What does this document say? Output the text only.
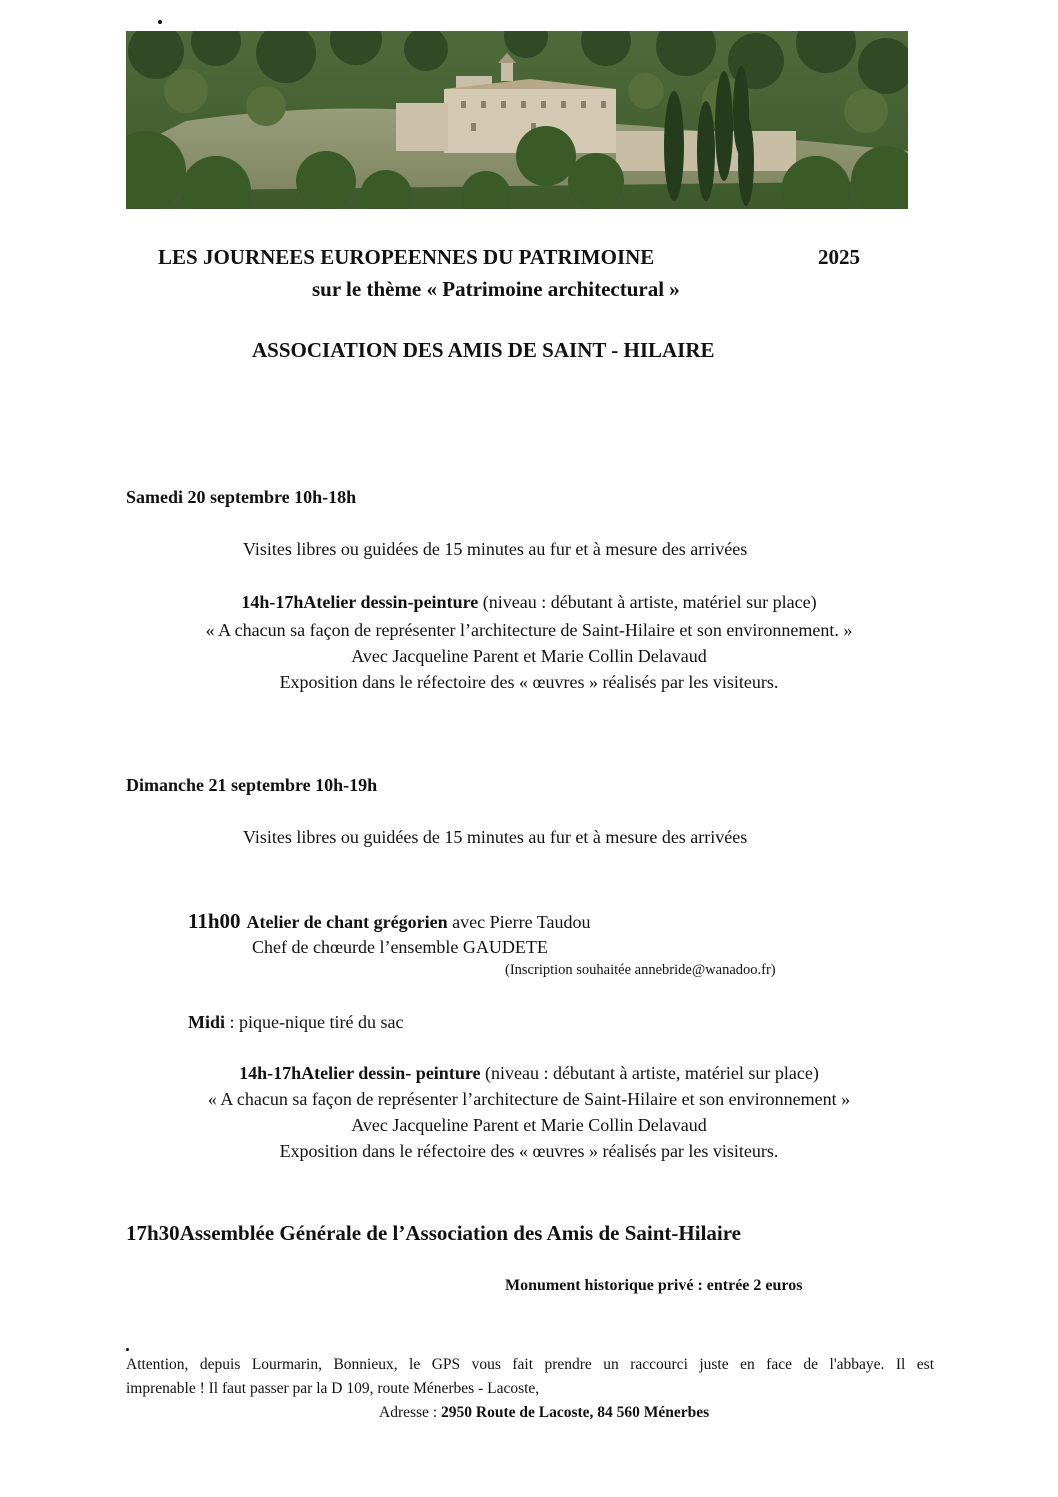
LES JOURNEES EUROPEENNES DU PATRIMOINE	2025
sur le thème « Patrimoine architectural »
ASSOCIATION DES AMIS DE SAINT - HILAIRE
Samedi 20 septembre 10h-18h
Visites libres ou guidées de 15 minutes au fur et à mesure des arrivées
14h-17hAtelier dessin-peinture (niveau : débutant à artiste, matériel sur place)
« A chacun sa façon de représenter l’architecture de Saint-Hilaire et son environnement. »
Avec Jacqueline Parent et Marie Collin Delavaud
Exposition dans le réfectoire des « œuvres » réalisés par les visiteurs.
Dimanche 21 septembre 10h-19h
Visites libres ou guidées de 15 minutes au fur et à mesure des arrivées
11h00 Atelier de chant grégorien avec Pierre Taudou
Chef de chœurde l’ensemble GAUDETE
(Inscription souhaitée annebride@wanadoo.fr)
Midi : pique-nique tiré du sac
14h-17hAtelier dessin- peinture (niveau : débutant à artiste, matériel sur place)
« A chacun sa façon de représenter l’architecture de Saint-Hilaire et son environnement »
Avec Jacqueline Parent et Marie Collin Delavaud
Exposition dans le réfectoire des « œuvres » réalisés par les visiteurs.
17h30Assemblée Générale de l’Association des Amis de Saint-Hilaire
Monument historique privé : entrée 2 euros
Attention, depuis Lourmarin, Bonnieux, le GPS vous fait prendre un raccourci juste en face de l'abbaye. Il est
imprenable ! Il faut passer par la D 109, route Ménerbes - Lacoste,
Adresse : 2950 Route de Lacoste, 84 560 Ménerbes
